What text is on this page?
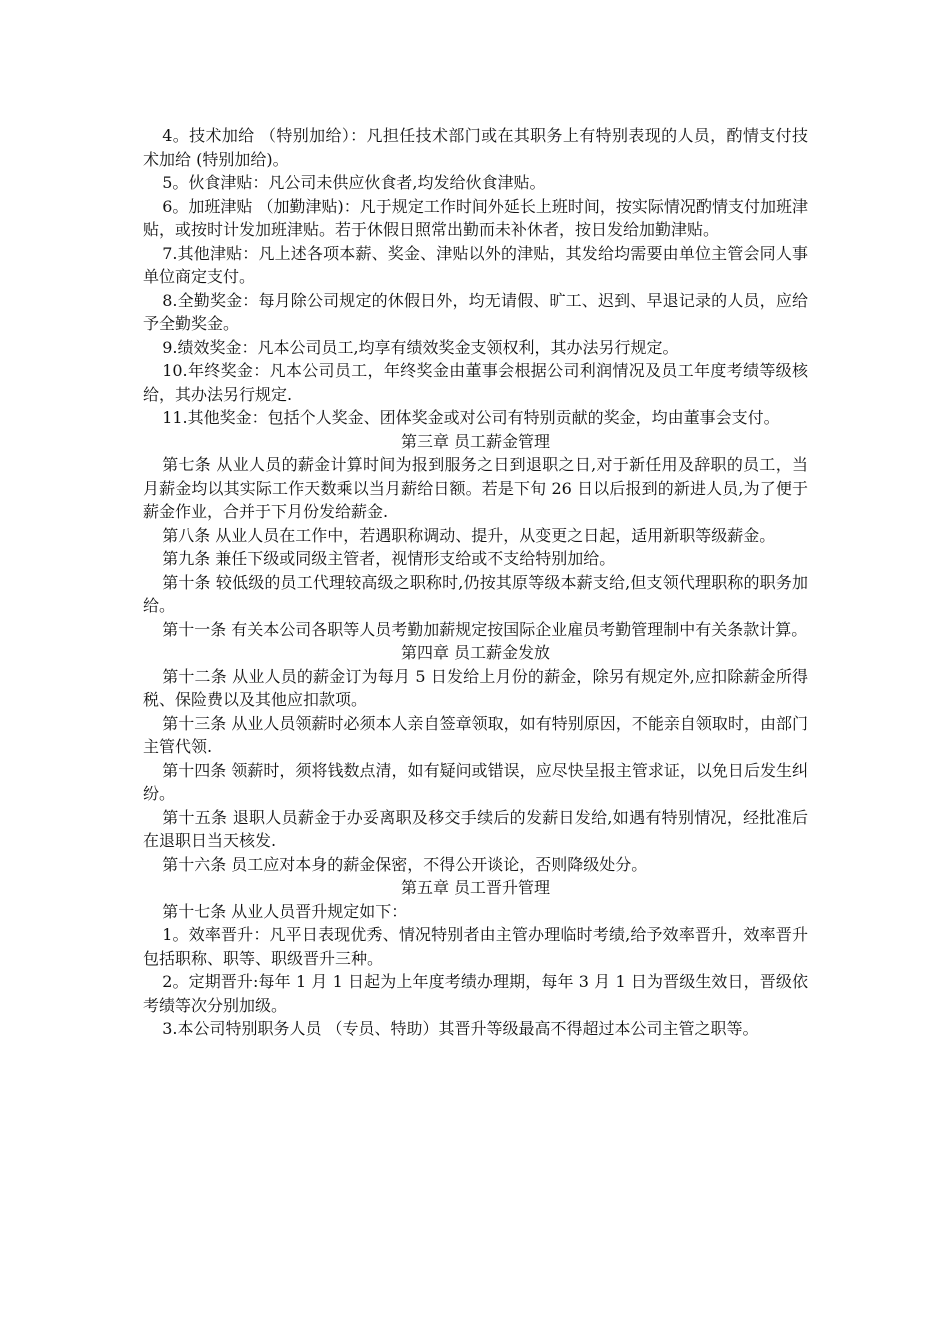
4。技术加给 （特别加给）：凡担任技术部门或在其职务上有特别表现的人员，酌情支付技术加给 (特别加给)。

5。伙食津贴：凡公司未供应伙食者,均发给伙食津贴。

6。加班津贴 （加勤津贴)：凡于规定工作时间外延长上班时间，按实际情况酌情支付加班津贴，或按时计发加班津贴。若于休假日照常出勤而未补休者，按日发给加勤津贴。

7.其他津贴：凡上述各项本薪、奖金、津贴以外的津贴，其发给均需要由单位主管会同人事单位商定支付。

8.全勤奖金：每月除公司规定的休假日外，均无请假、旷工、迟到、早退记录的人员，应给予全勤奖金。

9.绩效奖金：凡本公司员工,均享有绩效奖金支领权利，其办法另行规定。

10.年终奖金：凡本公司员工，年终奖金由董事会根据公司利润情况及员工年度考绩等级核给，其办法另行规定.

11.其他奖金：包括个人奖金、团体奖金或对公司有特别贡献的奖金，均由董事会支付。

第三章 员工薪金管理

第七条 从业人员的薪金计算时间为报到服务之日到退职之日,对于新任用及辞职的员工，当月薪金均以其实际工作天数乘以当月薪给日额。若是下旬 26 日以后报到的新进人员,为了便于薪金作业，合并于下月份发给薪金.

第八条 从业人员在工作中，若遇职称调动、提升，从变更之日起，适用新职等级薪金。

第九条 兼任下级或同级主管者，视情形支给或不支给特别加给。

第十条 较低级的员工代理较高级之职称时,仍按其原等级本薪支给,但支领代理职称的职务加给。

第十一条 有关本公司各职等人员考勤加薪规定按国际企业雇员考勤管理制中有关条款计算。

第四章 员工薪金发放

第十二条 从业人员的薪金订为每月 5 日发给上月份的薪金，除另有规定外,应扣除薪金所得税、保险费以及其他应扣款项。

第十三条 从业人员领薪时必须本人亲自签章领取，如有特别原因，不能亲自领取时，由部门主管代领.

第十四条 领薪时，须将钱数点清，如有疑问或错误，应尽快呈报主管求证，以免日后发生纠纷。

第十五条 退职人员薪金于办妥离职及移交手续后的发薪日发给,如遇有特别情况，经批准后在退职日当天核发.

第十六条 员工应对本身的薪金保密，不得公开谈论，否则降级处分。

第五章 员工晋升管理

第十七条 从业人员晋升规定如下：

1。效率晋升：凡平日表现优秀、情况特别者由主管办理临时考绩,给予效率晋升，效率晋升包括职称、职等、职级晋升三种。

2。定期晋升:每年 1 月 1 日起为上年度考绩办理期，每年 3 月 1 日为晋级生效日，晋级依考绩等次分别加级。

3.本公司特别职务人员 （专员、特助）其晋升等级最高不得超过本公司主管之职等。
